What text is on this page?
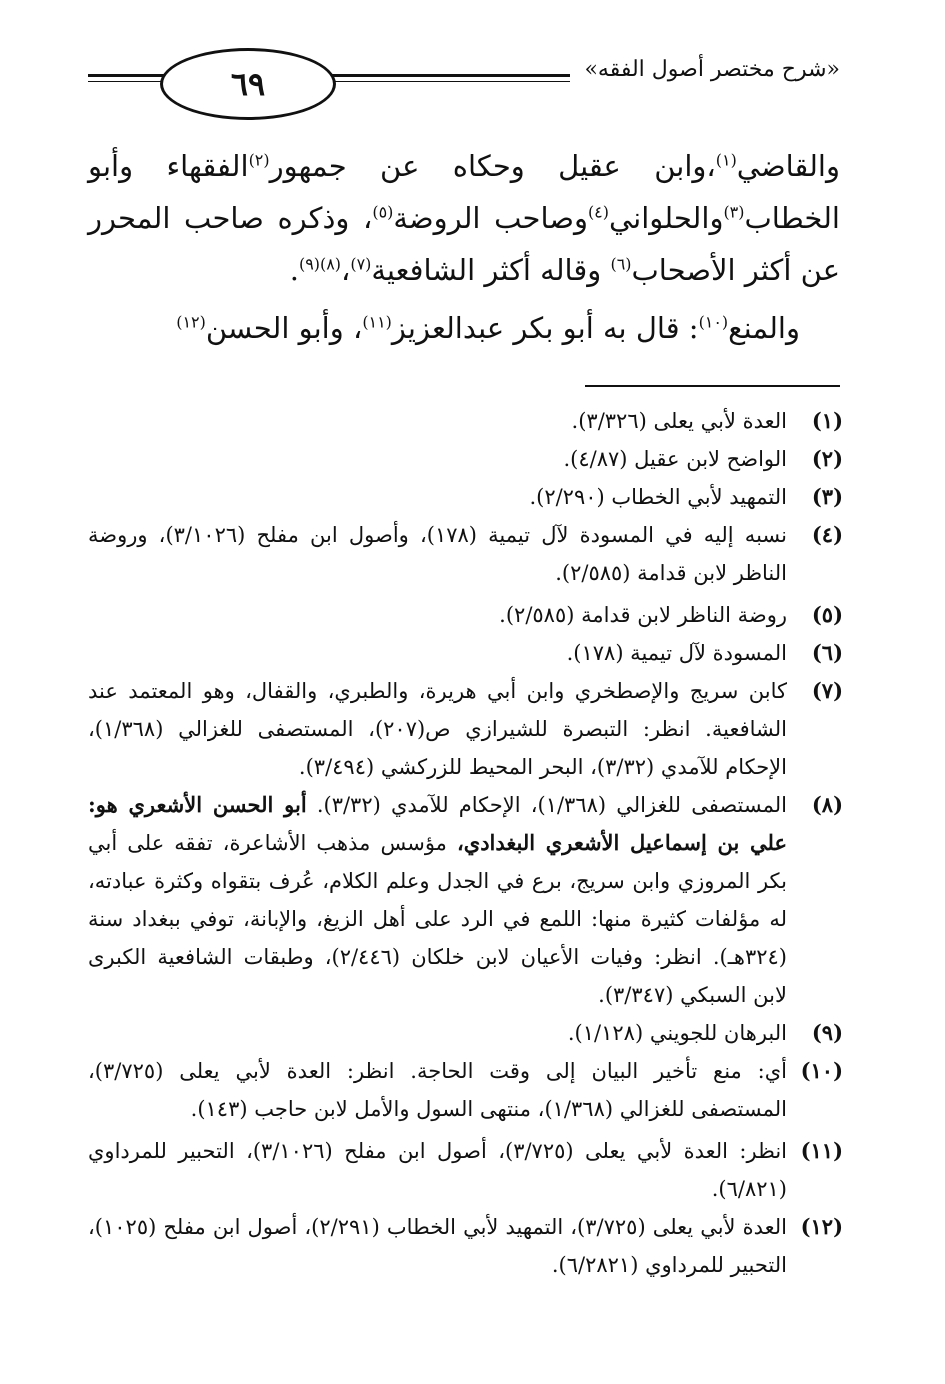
٦٩	«شرح مختصر أصول الفقه»

والقاضي$^{(١)}$،وابن عقيل وحكاه عن جمهور$^{(٢)}$الفقهاء وأبو الخطاب$^{(٣)}$والحلواني$^{(٤)}$وصاحب الروضة$^{(٥)}$، وذكره صاحب المحرر عن أكثر الأصحاب$^{(٦)}$ وقاله أكثر الشافعية$^{(٧)}$،$^{(٨)(٩)}$.

والمنع$^{(١٠)}$: قال به أبو بكر عبدالعزيز$^{(١١)}$، وأبو الحسن$^{(١٢)}$

(١)
العدة لأبي يعلى (٣/٣٢٦).
(٢)
الواضح لابن عقيل (٤/٨٧).
(٣)
التمهيد لأبي الخطاب (٢/٢٩٠).
(٤)
نسبه إليه في المسودة لآل تيمية (١٧٨)، وأصول ابن مفلح (٣/١٠٢٦)، وروضة الناظر لابن قدامة (٢/٥٨٥).
(٥)
روضة الناظر لابن قدامة (٢/٥٨٥).
(٦)
المسودة لآل تيمية (١٧٨).
(٧)
كابن سريج والإصطخري وابن أبي هريرة، والطبري، والقفال، وهو المعتمد عند الشافعية. انظر: التبصرة للشيرازي ص(٢٠٧)، المستصفى للغزالي (١/٣٦٨)، الإحكام للآمدي (٣/٣٢)، البحر المحيط للزركشي (٣/٤٩٤).
(٨)
المستصفى للغزالي (١/٣٦٨)، الإحكام للآمدي (٣/٣٢). أبو الحسن الأشعري هو: علي بن إسماعيل الأشعري البغدادي، مؤسس مذهب الأشاعرة، تفقه على أبي بكر المروزي وابن سريج، برع في الجدل وعلم الكلام، عُرف بتقواه وكثرة عبادته، له مؤلفات كثيرة منها: اللمع في الرد على أهل الزيغ، والإبانة، توفي ببغداد سنة (٣٢٤هـ). انظر: وفيات الأعيان لابن خلكان (٢/٤٤٦)، وطبقات الشافعية الكبرى لابن السبكي (٣/٣٤٧).
(٩)
البرهان للجويني (١/١٢٨).
(١٠)
أي: منع تأخير البيان إلى وقت الحاجة. انظر: العدة لأبي يعلى (٣/٧٢٥)، المستصفى للغزالي (١/٣٦٨)، منتهى السول والأمل لابن حاجب (١٤٣).
(١١)
انظر: العدة لأبي يعلى (٣/٧٢٥)، أصول ابن مفلح (٣/١٠٢٦)، التحبير للمرداوي (٦/٨٢١).
(١٢)
العدة لأبي يعلى (٣/٧٢٥)، التمهيد لأبي الخطاب (٢/٢٩١)، أصول ابن مفلح (١٠٢٥)، التحبير للمرداوي (٦/٢٨٢١).
